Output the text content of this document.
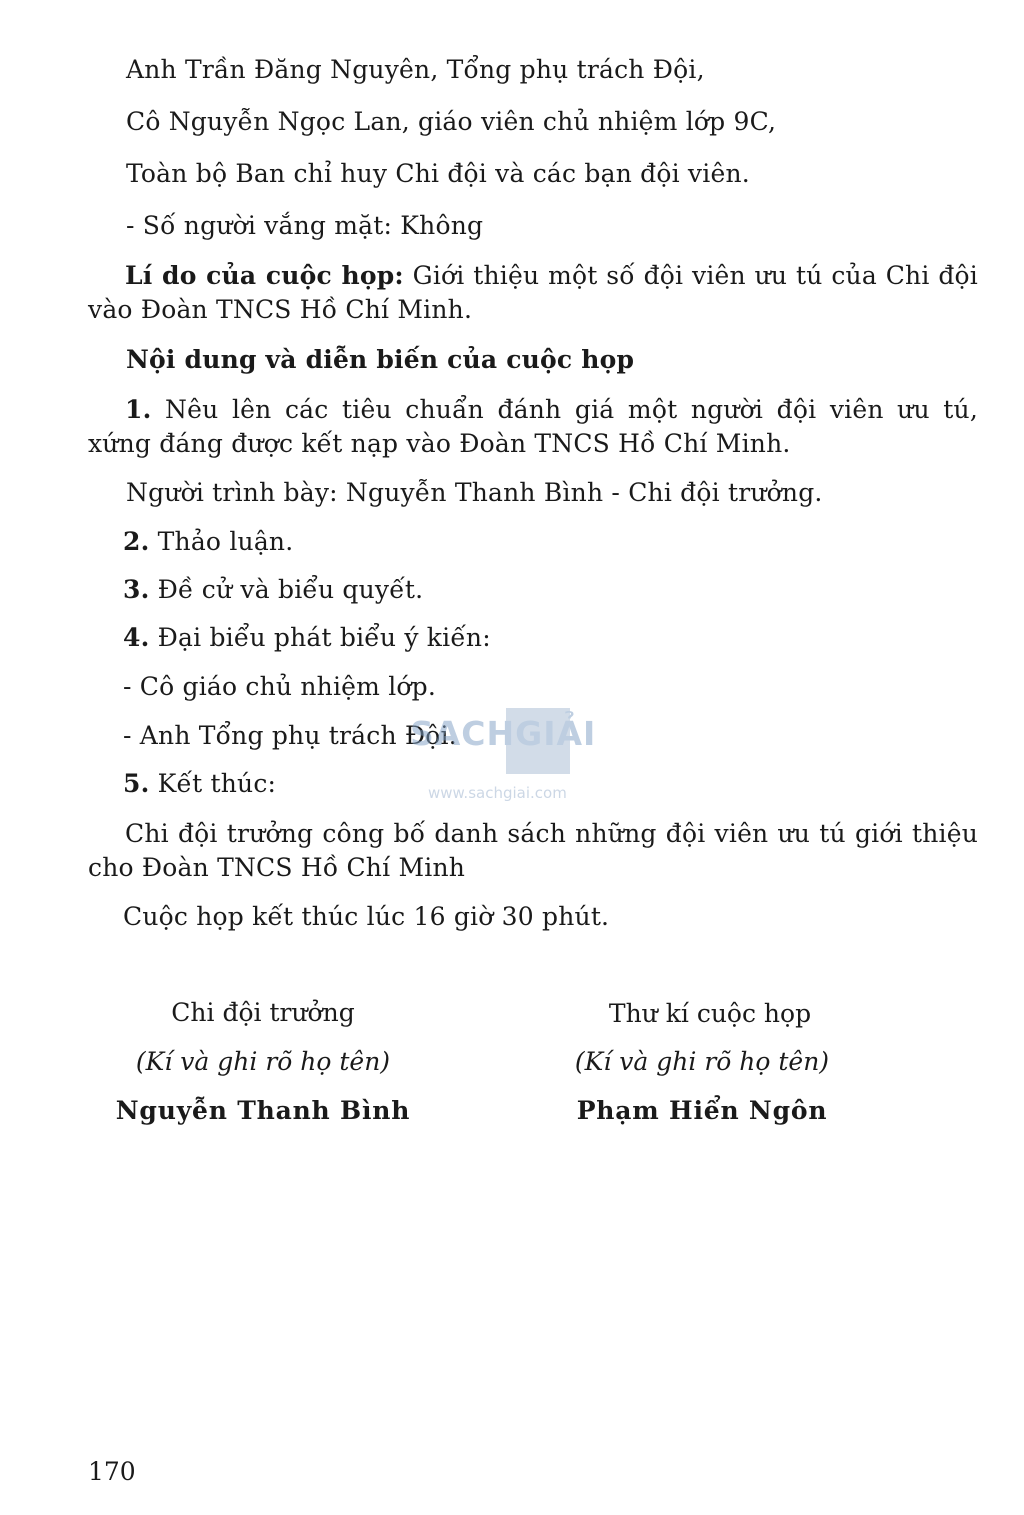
Anh Trần Đăng Nguyên, Tổng phụ trách Đội,
Cô Nguyễn Ngọc Lan, giáo viên chủ nhiệm lớp 9C,
Toàn bộ Ban chỉ huy Chi đội và các bạn đội viên.
- Số người vắng mặt: Không
Lí do của cuộc họp: Giới thiệu một số đội viên ưu tú của Chi đội vào Đoàn TNCS Hồ Chí Minh.
Nội dung và diễn biến của cuộc họp
1. Nêu lên các tiêu chuẩn đánh giá một người đội viên ưu tú, xứng đáng được kết nạp vào Đoàn TNCS Hồ Chí Minh.
Người trình bày: Nguyễn Thanh Bình - Chi đội trưởng.
2. Thảo luận.
3. Đề cử và biểu quyết.
4. Đại biểu phát biểu ý kiến:
- Cô giáo chủ nhiệm lớp.
- Anh Tổng phụ trách Đội.
5. Kết thúc:
Chi đội trưởng công bố danh sách những đội viên ưu tú giới thiệu cho Đoàn TNCS Hồ Chí Minh
Cuộc họp kết thúc lúc 16 giờ 30 phút.
Chi đội trưởng
(Kí và ghi rõ họ tên)
Nguyễn Thanh Bình
Thư kí cuộc họp
(Kí và ghi rõ họ tên)
Phạm Hiển Ngôn
170
SACHGIẢI
www.sachgiai.com
